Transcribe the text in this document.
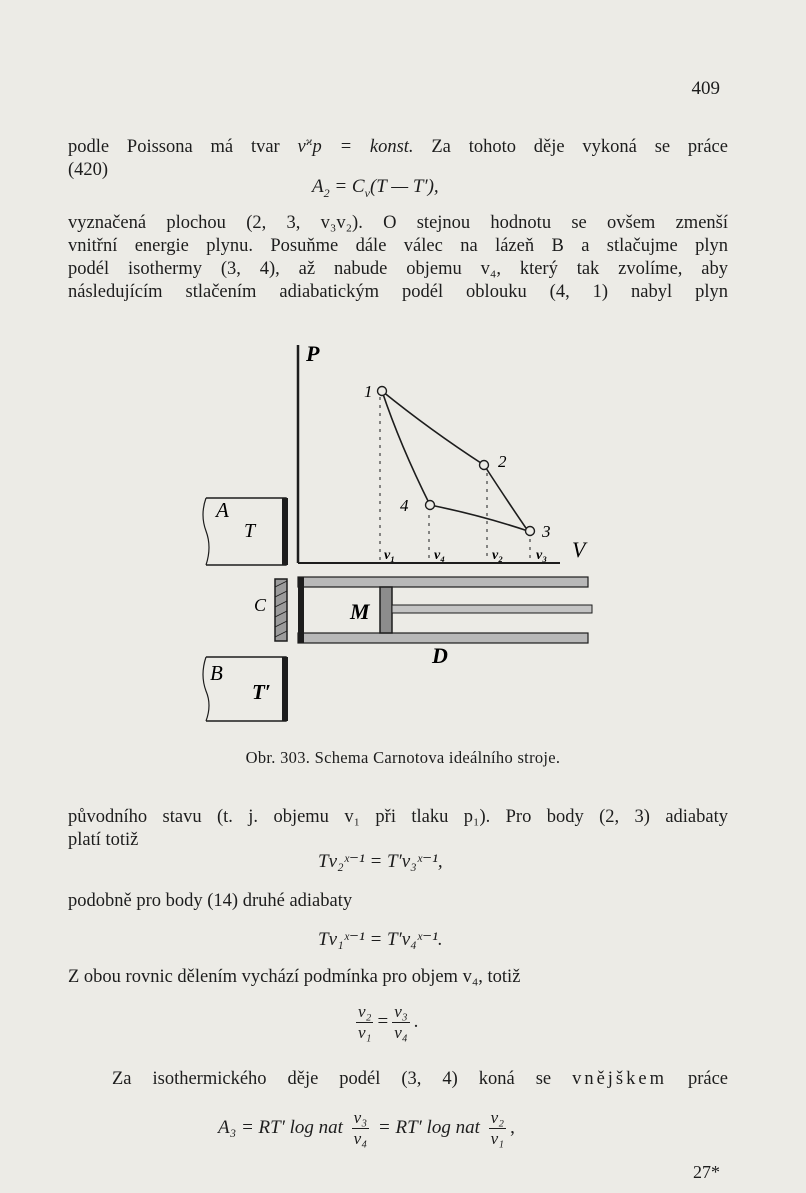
409

podle Poissona má tvar $v^ϰp$ = konst. Za tohoto děje vykoná se práce
(420)

$A_2 = C_v(T$ — T′),

vyznačená plochou (2, 3, v₃v₂). O stejnou hodnotu se ovšem zmenší
vnitřní energie plynu. Posuňme dále válec na lázeň B a stlačujme plyn
podél isothermy (3, 4), až nabude objemu v₄, který tak zvolíme, aby
následujícím stlačením adiabatickým podél oblouku (4, 1) nabyl plyn

P
V
1
2
3
4
v₁	v₄	v₂ v₃
A
T
C	M
D
B
T′
Obr. 303. Schema Carnotova ideálního stroje.

původního stavu (t. j. objemu v₁ při tlaku p₁). Pro body (2, 3) adiabaty
platí totiž

Tv₂ˣ⁻¹ = T′v₃ˣ⁻¹,

podobně pro body (14) druhé adiabaty

Tv₁ˣ⁻¹ = T′v₄ˣ⁻¹.

Z obou rovnic dělením vychází podmínka pro objem v₄, totiž

$\frac{\text{v₂}}{\text{v₁}} = \frac{\text{v₃}}{\text{v₄}}$ .

Za isothermického děje podél (3, 4) koná se vnějškem práce

A₃ = RT′ log nat $\frac{\text{v₃}}{\text{v₄}} = RT'$ log nat $\frac{\text{v₂}}{\text{v₁}}$ ,
27*
